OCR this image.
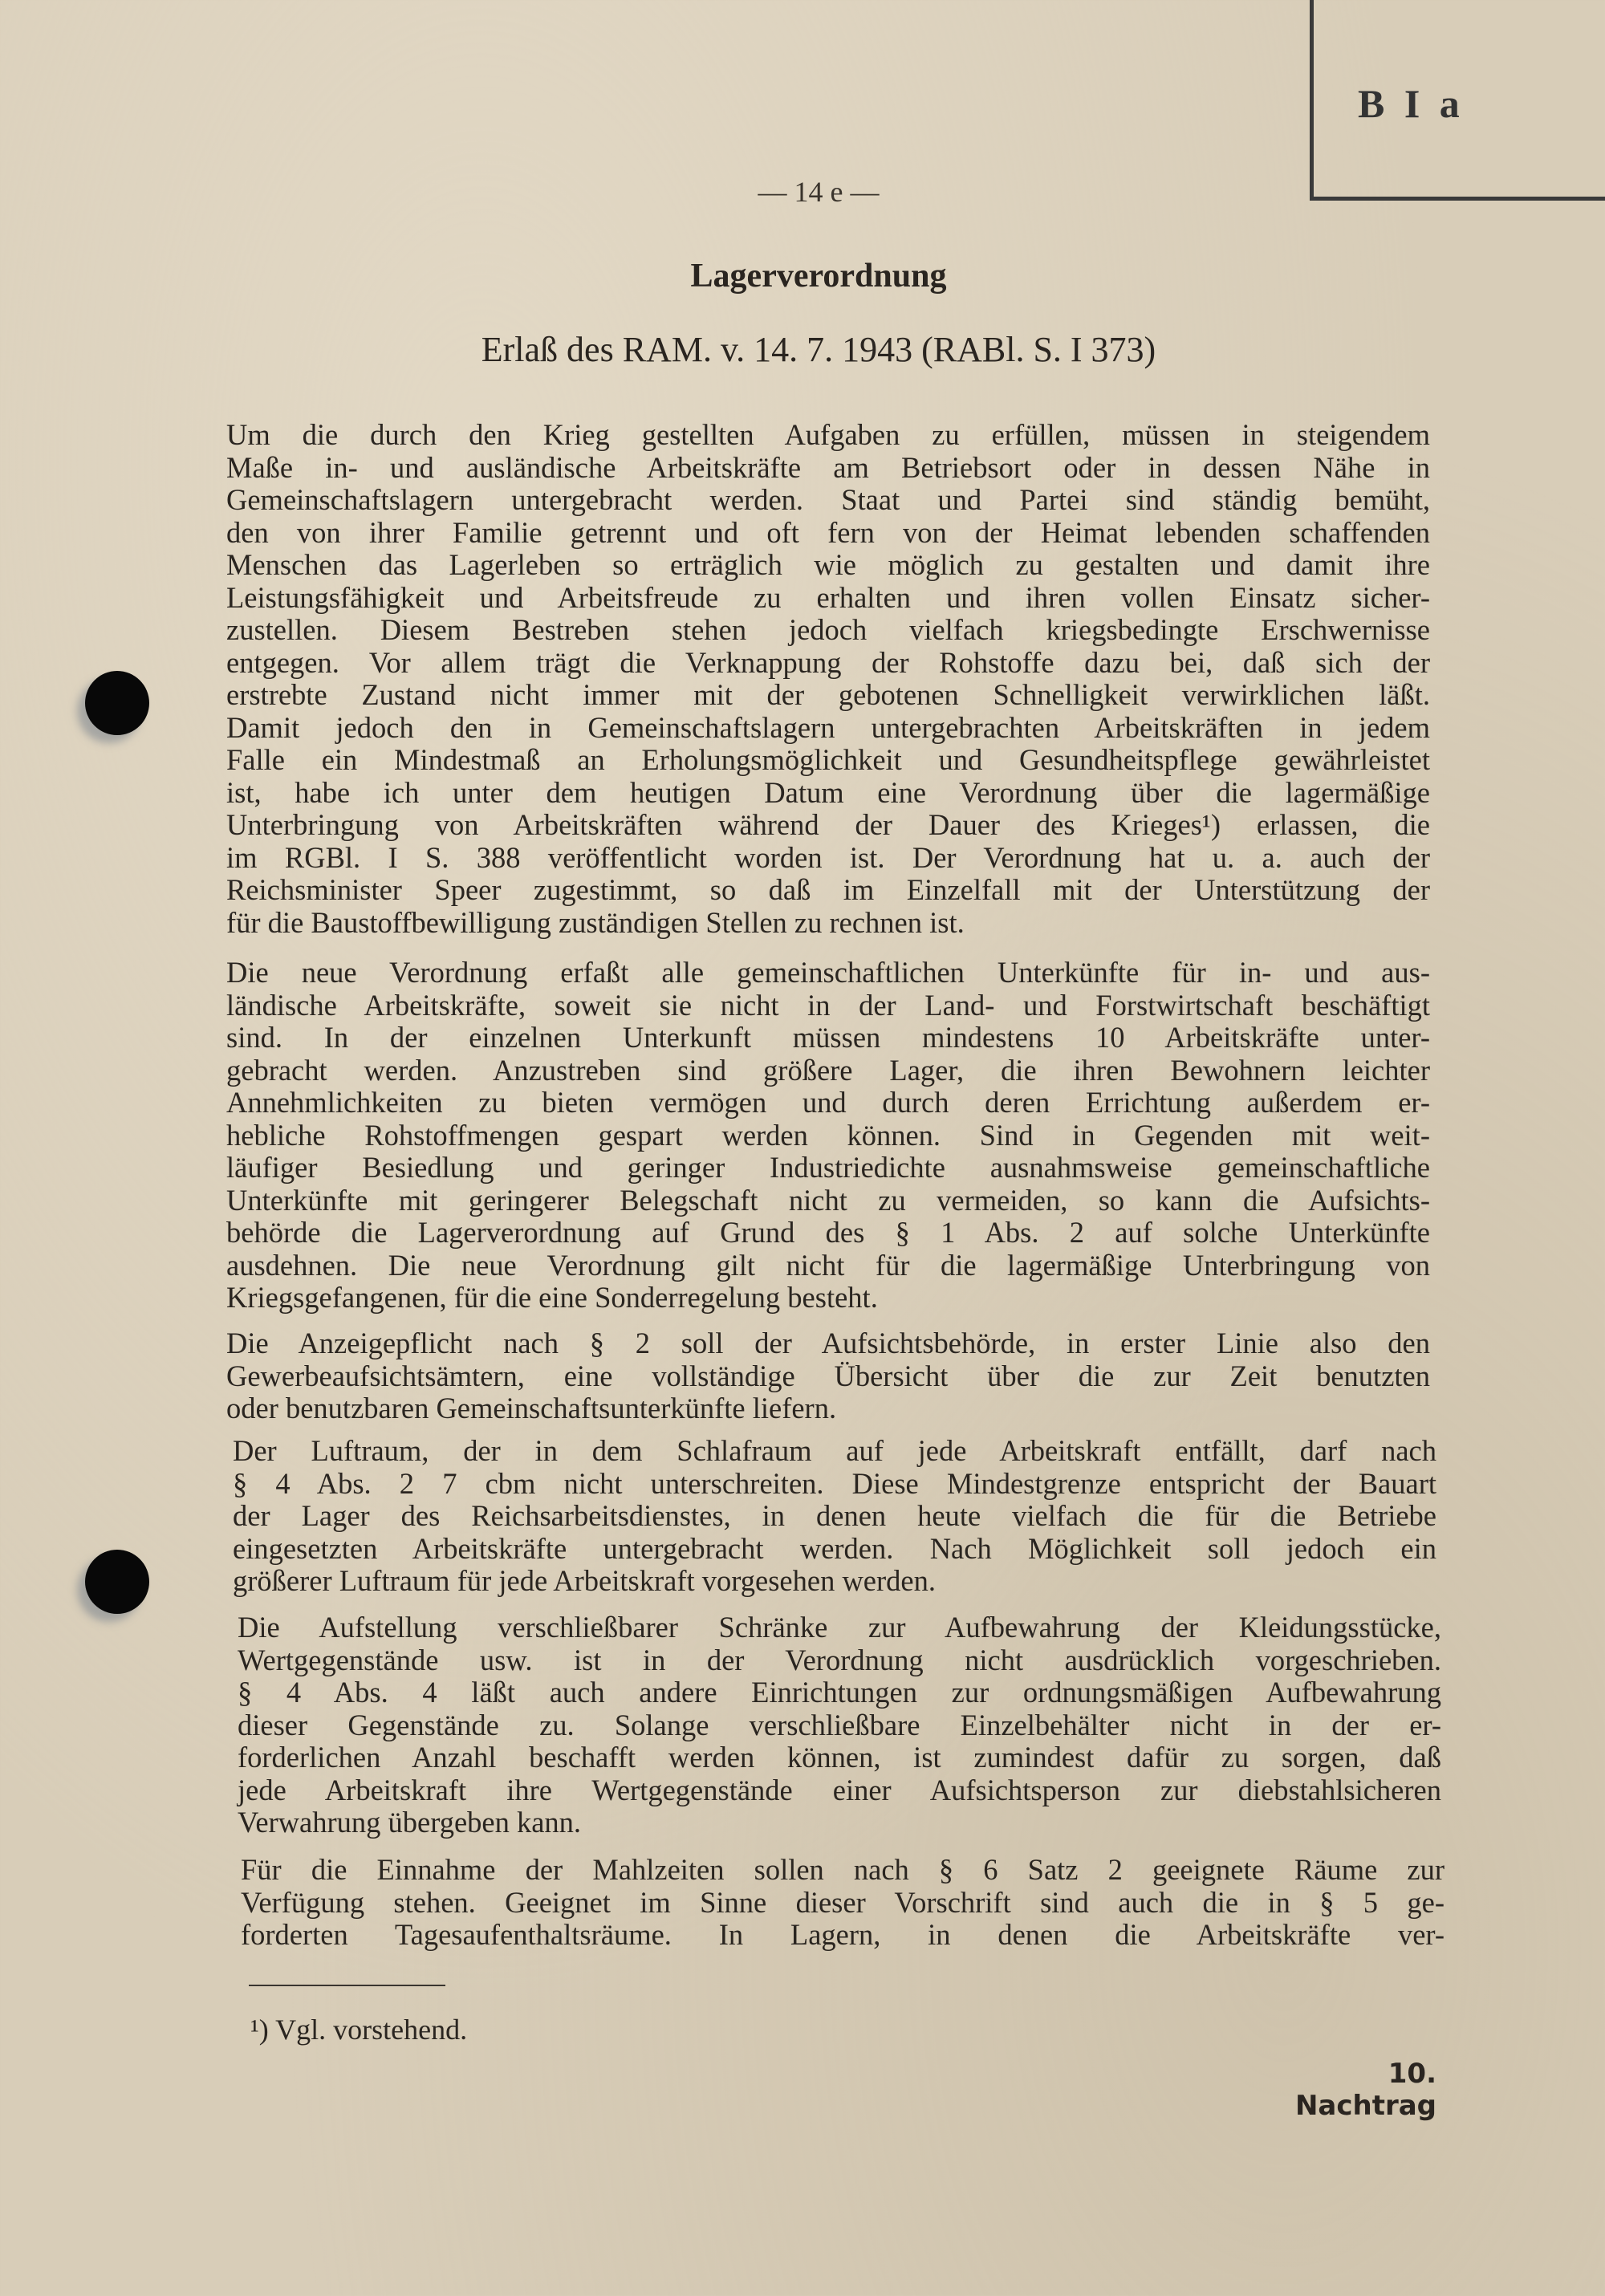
B I a
— 14 e —
Lagerverordnung
Erlaß des RAM. v. 14. 7. 1943 (RABl. S. I 373)
Um die durch den Krieg gestellten Aufgaben zu erfüllen, müssen in steigendem
Maße in- und ausländische Arbeitskräfte am Betriebsort oder in dessen Nähe in
Gemeinschaftslagern untergebracht werden. Staat und Partei sind ständig bemüht,
den von ihrer Familie getrennt und oft fern von der Heimat lebenden schaffenden
Menschen das Lagerleben so erträglich wie möglich zu gestalten und damit ihre
Leistungsfähigkeit und Arbeitsfreude zu erhalten und ihren vollen Einsatz sicher-
zustellen. Diesem Bestreben stehen jedoch vielfach kriegsbedingte Erschwernisse
entgegen. Vor allem trägt die Verknappung der Rohstoffe dazu bei, daß sich der
erstrebte Zustand nicht immer mit der gebotenen Schnelligkeit verwirklichen läßt.
Damit jedoch den in Gemeinschaftslagern untergebrachten Arbeitskräften in jedem
Falle ein Mindestmaß an Erholungsmöglichkeit und Gesundheitspflege gewährleistet
ist, habe ich unter dem heutigen Datum eine Verordnung über die lagermäßige
Unterbringung von Arbeitskräften während der Dauer des Krieges¹) erlassen, die
im RGBl. I S. 388 veröffentlicht worden ist. Der Verordnung hat u. a. auch der
Reichsminister Speer zugestimmt, so daß im Einzelfall mit der Unterstützung der
für die Baustoffbewilligung zuständigen Stellen zu rechnen ist.
Die neue Verordnung erfaßt alle gemeinschaftlichen Unterkünfte für in- und aus-
ländische Arbeitskräfte, soweit sie nicht in der Land- und Forstwirtschaft beschäftigt
sind. In der einzelnen Unterkunft müssen mindestens 10 Arbeitskräfte unter-
gebracht werden. Anzustreben sind größere Lager, die ihren Bewohnern leichter
Annehmlichkeiten zu bieten vermögen und durch deren Errichtung außerdem er-
hebliche Rohstoffmengen gespart werden können. Sind in Gegenden mit weit-
läufiger Besiedlung und geringer Industriedichte ausnahmsweise gemeinschaftliche
Unterkünfte mit geringerer Belegschaft nicht zu vermeiden, so kann die Aufsichts-
behörde die Lagerverordnung auf Grund des § 1 Abs. 2 auf solche Unterkünfte
ausdehnen. Die neue Verordnung gilt nicht für die lagermäßige Unterbringung von
Kriegsgefangenen, für die eine Sonderregelung besteht.
Die Anzeigepflicht nach § 2 soll der Aufsichtsbehörde, in erster Linie also den
Gewerbeaufsichtsämtern, eine vollständige Übersicht über die zur Zeit benutzten
oder benutzbaren Gemeinschaftsunterkünfte liefern.
Der Luftraum, der in dem Schlafraum auf jede Arbeitskraft entfällt, darf nach
§ 4 Abs. 2 7 cbm nicht unterschreiten. Diese Mindestgrenze entspricht der Bauart
der Lager des Reichsarbeitsdienstes, in denen heute vielfach die für die Betriebe
eingesetzten Arbeitskräfte untergebracht werden. Nach Möglichkeit soll jedoch ein
größerer Luftraum für jede Arbeitskraft vorgesehen werden.
Die Aufstellung verschließbarer Schränke zur Aufbewahrung der Kleidungsstücke,
Wertgegenstände usw. ist in der Verordnung nicht ausdrücklich vorgeschrieben.
§ 4 Abs. 4 läßt auch andere Einrichtungen zur ordnungsmäßigen Aufbewahrung
dieser Gegenstände zu. Solange verschließbare Einzelbehälter nicht in der er-
forderlichen Anzahl beschafft werden können, ist zumindest dafür zu sorgen, daß
jede Arbeitskraft ihre Wertgegenstände einer Aufsichtsperson zur diebstahlsicheren
Verwahrung übergeben kann.
Für die Einnahme der Mahlzeiten sollen nach § 6 Satz 2 geeignete Räume zur
Verfügung stehen. Geeignet im Sinne dieser Vorschrift sind auch die in § 5 ge-
forderten Tagesaufenthaltsräume. In Lagern, in denen die Arbeitskräfte ver-
¹) Vgl. vorstehend.
10. Nachtrag
